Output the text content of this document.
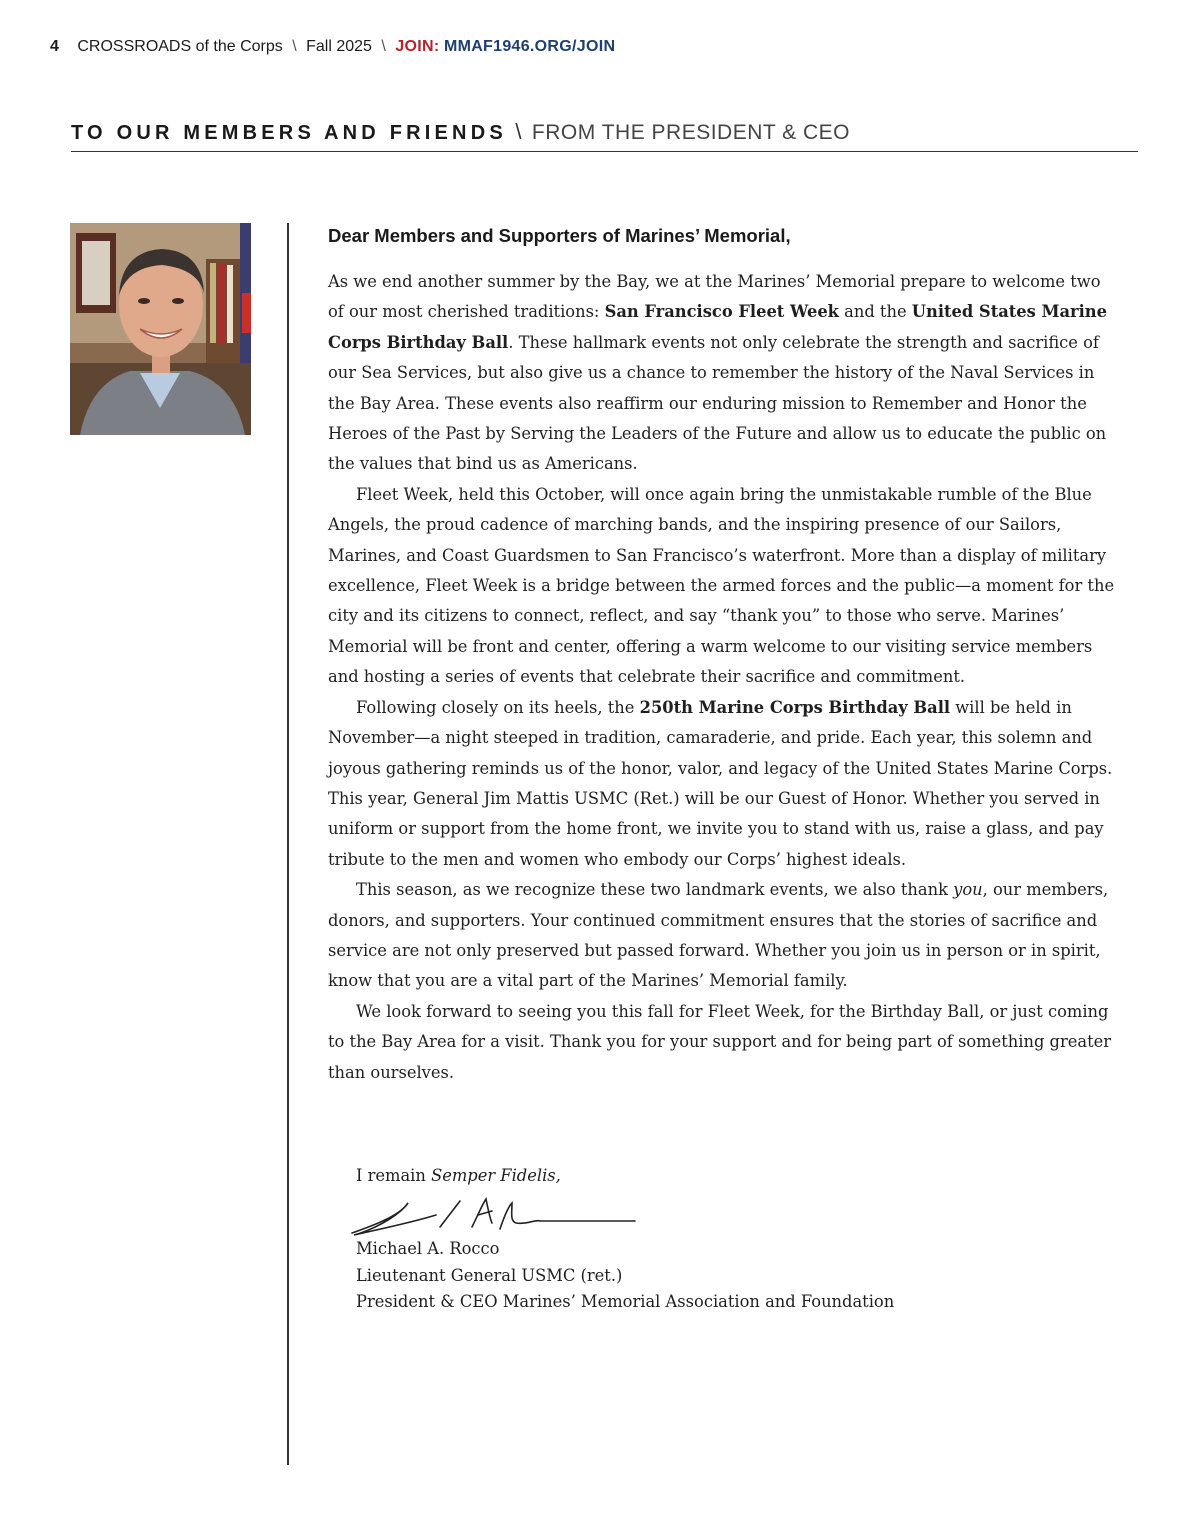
4 CROSSROADS of the Corps \ Fall 2025 \ JOIN: MMAF1946.ORG/JOIN
TO OUR MEMBERS AND FRIENDS \ FROM THE PRESIDENT & CEO
Dear Members and Supporters of Marines’ Memorial,

As we end another summer by the Bay, we at the Marines’ Memorial prepare to welcome two of our most cherished traditions: San Francisco Fleet Week and the United States Marine Corps Birthday Ball. These hallmark events not only celebrate the strength and sacrifice of our Sea Services, but also give us a chance to remember the history of the Naval Services in the Bay Area. These events also reaffirm our enduring mission to Remember and Honor the Heroes of the Past by Serving the Leaders of the Future and allow us to educate the public on the values that bind us as Americans.

Fleet Week, held this October, will once again bring the unmistakable rumble of the Blue Angels, the proud cadence of marching bands, and the inspiring presence of our Sailors, Marines, and Coast Guardsmen to San Francisco’s waterfront. More than a display of military excellence, Fleet Week is a bridge between the armed forces and the public—a moment for the city and its citizens to connect, reflect, and say “thank you” to those who serve. Marines’ Memorial will be front and center, offering a warm welcome to our visiting service members and hosting a series of events that celebrate their sacrifice and commitment.

Following closely on its heels, the 250th Marine Corps Birthday Ball will be held in November—a night steeped in tradition, camaraderie, and pride. Each year, this solemn and joyous gathering reminds us of the honor, valor, and legacy of the United States Marine Corps. This year, General Jim Mattis USMC (Ret.) will be our Guest of Honor. Whether you served in uniform or support from the home front, we invite you to stand with us, raise a glass, and pay tribute to the men and women who embody our Corps’ highest ideals.

This season, as we recognize these two landmark events, we also thank you, our members, donors, and supporters. Your continued commitment ensures that the stories of sacrifice and service are not only preserved but passed forward. Whether you join us in person or in spirit, know that you are a vital part of the Marines’ Memorial family.

We look forward to seeing you this fall for Fleet Week, for the Birthday Ball, or just coming to the Bay Area for a visit. Thank you for your support and for being part of something greater than ourselves.

I remain Semper Fidelis,
Michael A. Rocco
Lieutenant General USMC (ret.)
President & CEO Marines’ Memorial Association and Foundation
